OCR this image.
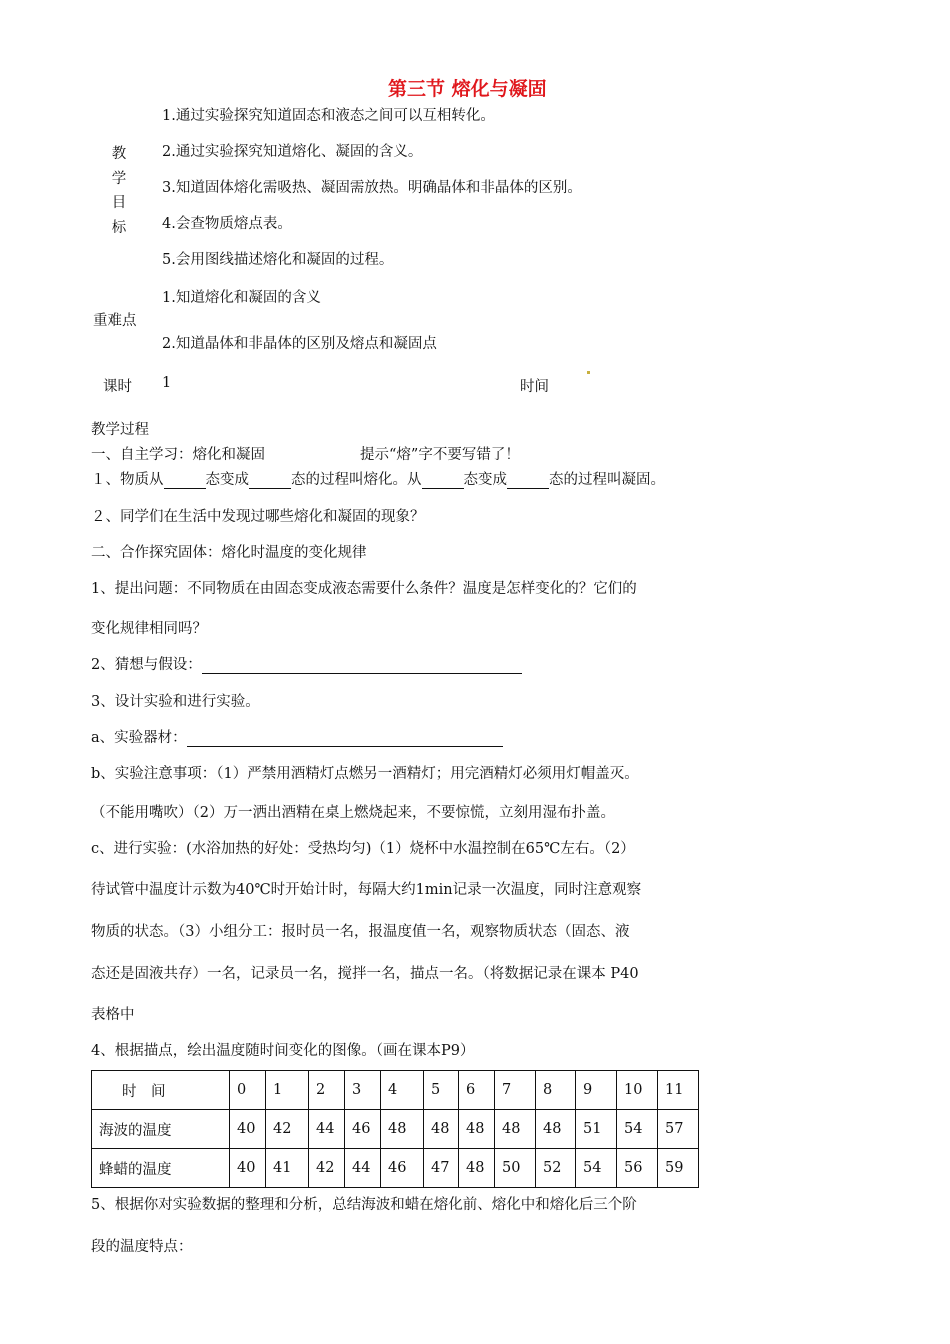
第三节 熔化与凝固
教
学
目
标
1.通过实验探究知道固态和液态之间可以互相转化。
2.通过实验探究知道熔化、凝固的含义。
3.知道固体熔化需吸热、凝固需放热。明确晶体和非晶体的区别。
4.会查物质熔点表。
5.会用图线描述熔化和凝固的过程。
重难点
1.知道熔化和凝固的含义
2.知道晶体和非晶体的区别及熔点和凝固点
课时 1	时间
教学过程
一、自主学习：熔化和凝固	提示“熔”字不要写错了！
１、物质从	态变成	态的过程叫熔化。从	态变成	态的过程叫凝固。
２、同学们在生活中发现过哪些熔化和凝固的现象？
二、合作探究固体：熔化时温度的变化规律
1、提出问题：不同物质在由固态变成液态需要什么条件？温度是怎样变化的？它们的
变化规律相同吗？
2、猜想与假设：
3、设计实验和进行实验。
a、实验器材：
b、实验注意事项：（1）严禁用酒精灯点燃另一酒精灯；用完酒精灯必须用灯帽盖灭。
（不能用嘴吹）（2）万一洒出酒精在桌上燃烧起来，不要惊慌，立刻用湿布扑盖。
c、进行实验：(水浴加热的好处：受热均匀)（1）烧杯中水温控制在65℃左右。（2）
待试管中温度计示数为40℃时开始计时，每隔大约1min记录一次温度，同时注意观察
物质的状态。（3）小组分工：报时员一名，报温度值一名，观察物质状态（固态、液
态还是固液共存）一名，记录员一名，搅拌一名，描点一名。（将数据记录在课本 P40
表格中
4、根据描点，绘出温度随时间变化的图像。（画在课本P9）
时　间	0	1	2	3	4	5	6	7	8	9	10	11
海波的温度	40	42	44	46	48	48	48	48	48	51	54	57
蜂蜡的温度	40	41	42	44	46	47	48	50	52	54	56	59
5、根据你对实验数据的整理和分析，总结海波和蜡在熔化前、熔化中和熔化后三个阶
段的温度特点：
